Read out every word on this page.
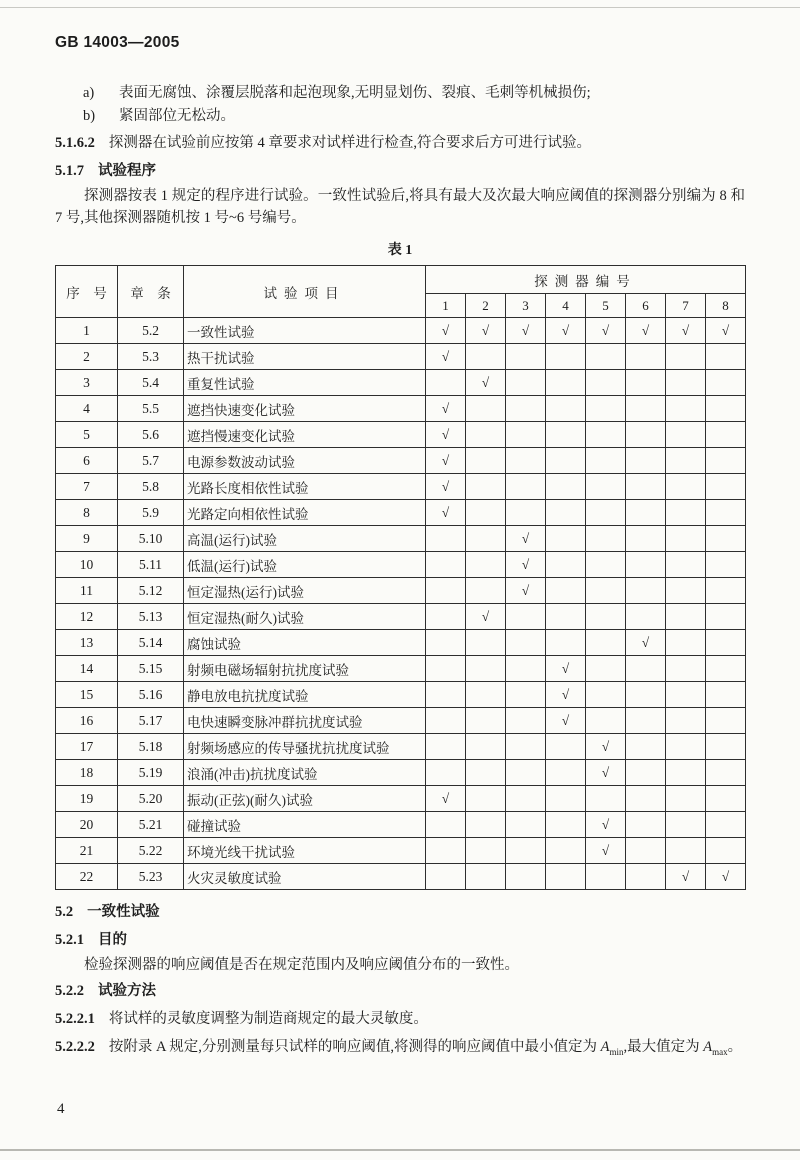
GB 14003—2005
a) 表面无腐蚀、涂覆层脱落和起泡现象,无明显划伤、裂痕、毛刺等机械损伤;
b) 紧固部位无松动。

5.1.6.2 探测器在试验前应按第 4 章要求对试样进行检查,符合要求后方可进行试验。

5.1.7 试验程序

探测器按表 1 规定的程序进行试验。一致性试验后,将具有最大及次最大响应阈值的探测器分别编为 8 和 7 号,其他探测器随机按 1 号~6 号编号。

表 1
序　号	章　条	试验项目	探测器编号							
			1	2	3	4	5	6	7	8
1	5.2	一致性试验	√	√	√	√	√	√	√	√
2	5.3	热干扰试验	√							
3	5.4	重复性试验		√						
4	5.5	遮挡快速变化试验	√							
5	5.6	遮挡慢速变化试验	√							
6	5.7	电源参数波动试验	√							
7	5.8	光路长度相依性试验	√							
8	5.9	光路定向相依性试验	√							
9	5.10	高温(运行)试验			√					
10	5.11	低温(运行)试验			√					
11	5.12	恒定湿热(运行)试验			√					
12	5.13	恒定湿热(耐久)试验		√						
13	5.14	腐蚀试验						√		
14	5.15	射频电磁场辐射抗扰度试验				√				
15	5.16	静电放电抗扰度试验				√				
16	5.17	电快速瞬变脉冲群抗扰度试验				√				
17	5.18	射频场感应的传导骚扰抗扰度试验					√			
18	5.19	浪涌(冲击)抗扰度试验					√			
19	5.20	振动(正弦)(耐久)试验	√							
20	5.21	碰撞试验					√			
21	5.22	环境光线干扰试验					√			
22	5.23	火灾灵敏度试验							√	√

5.2 一致性试验

5.2.1 目的

检验探测器的响应阈值是否在规定范围内及响应阈值分布的一致性。

5.2.2 试验方法

5.2.2.1 将试样的灵敏度调整为制造商规定的最大灵敏度。

5.2.2.2 按附录 A 规定,分别测量每只试样的响应阈值,将测得的响应阈值中最小值定为 $A_{min}$,最大值定为 $A_{max}$。

4
